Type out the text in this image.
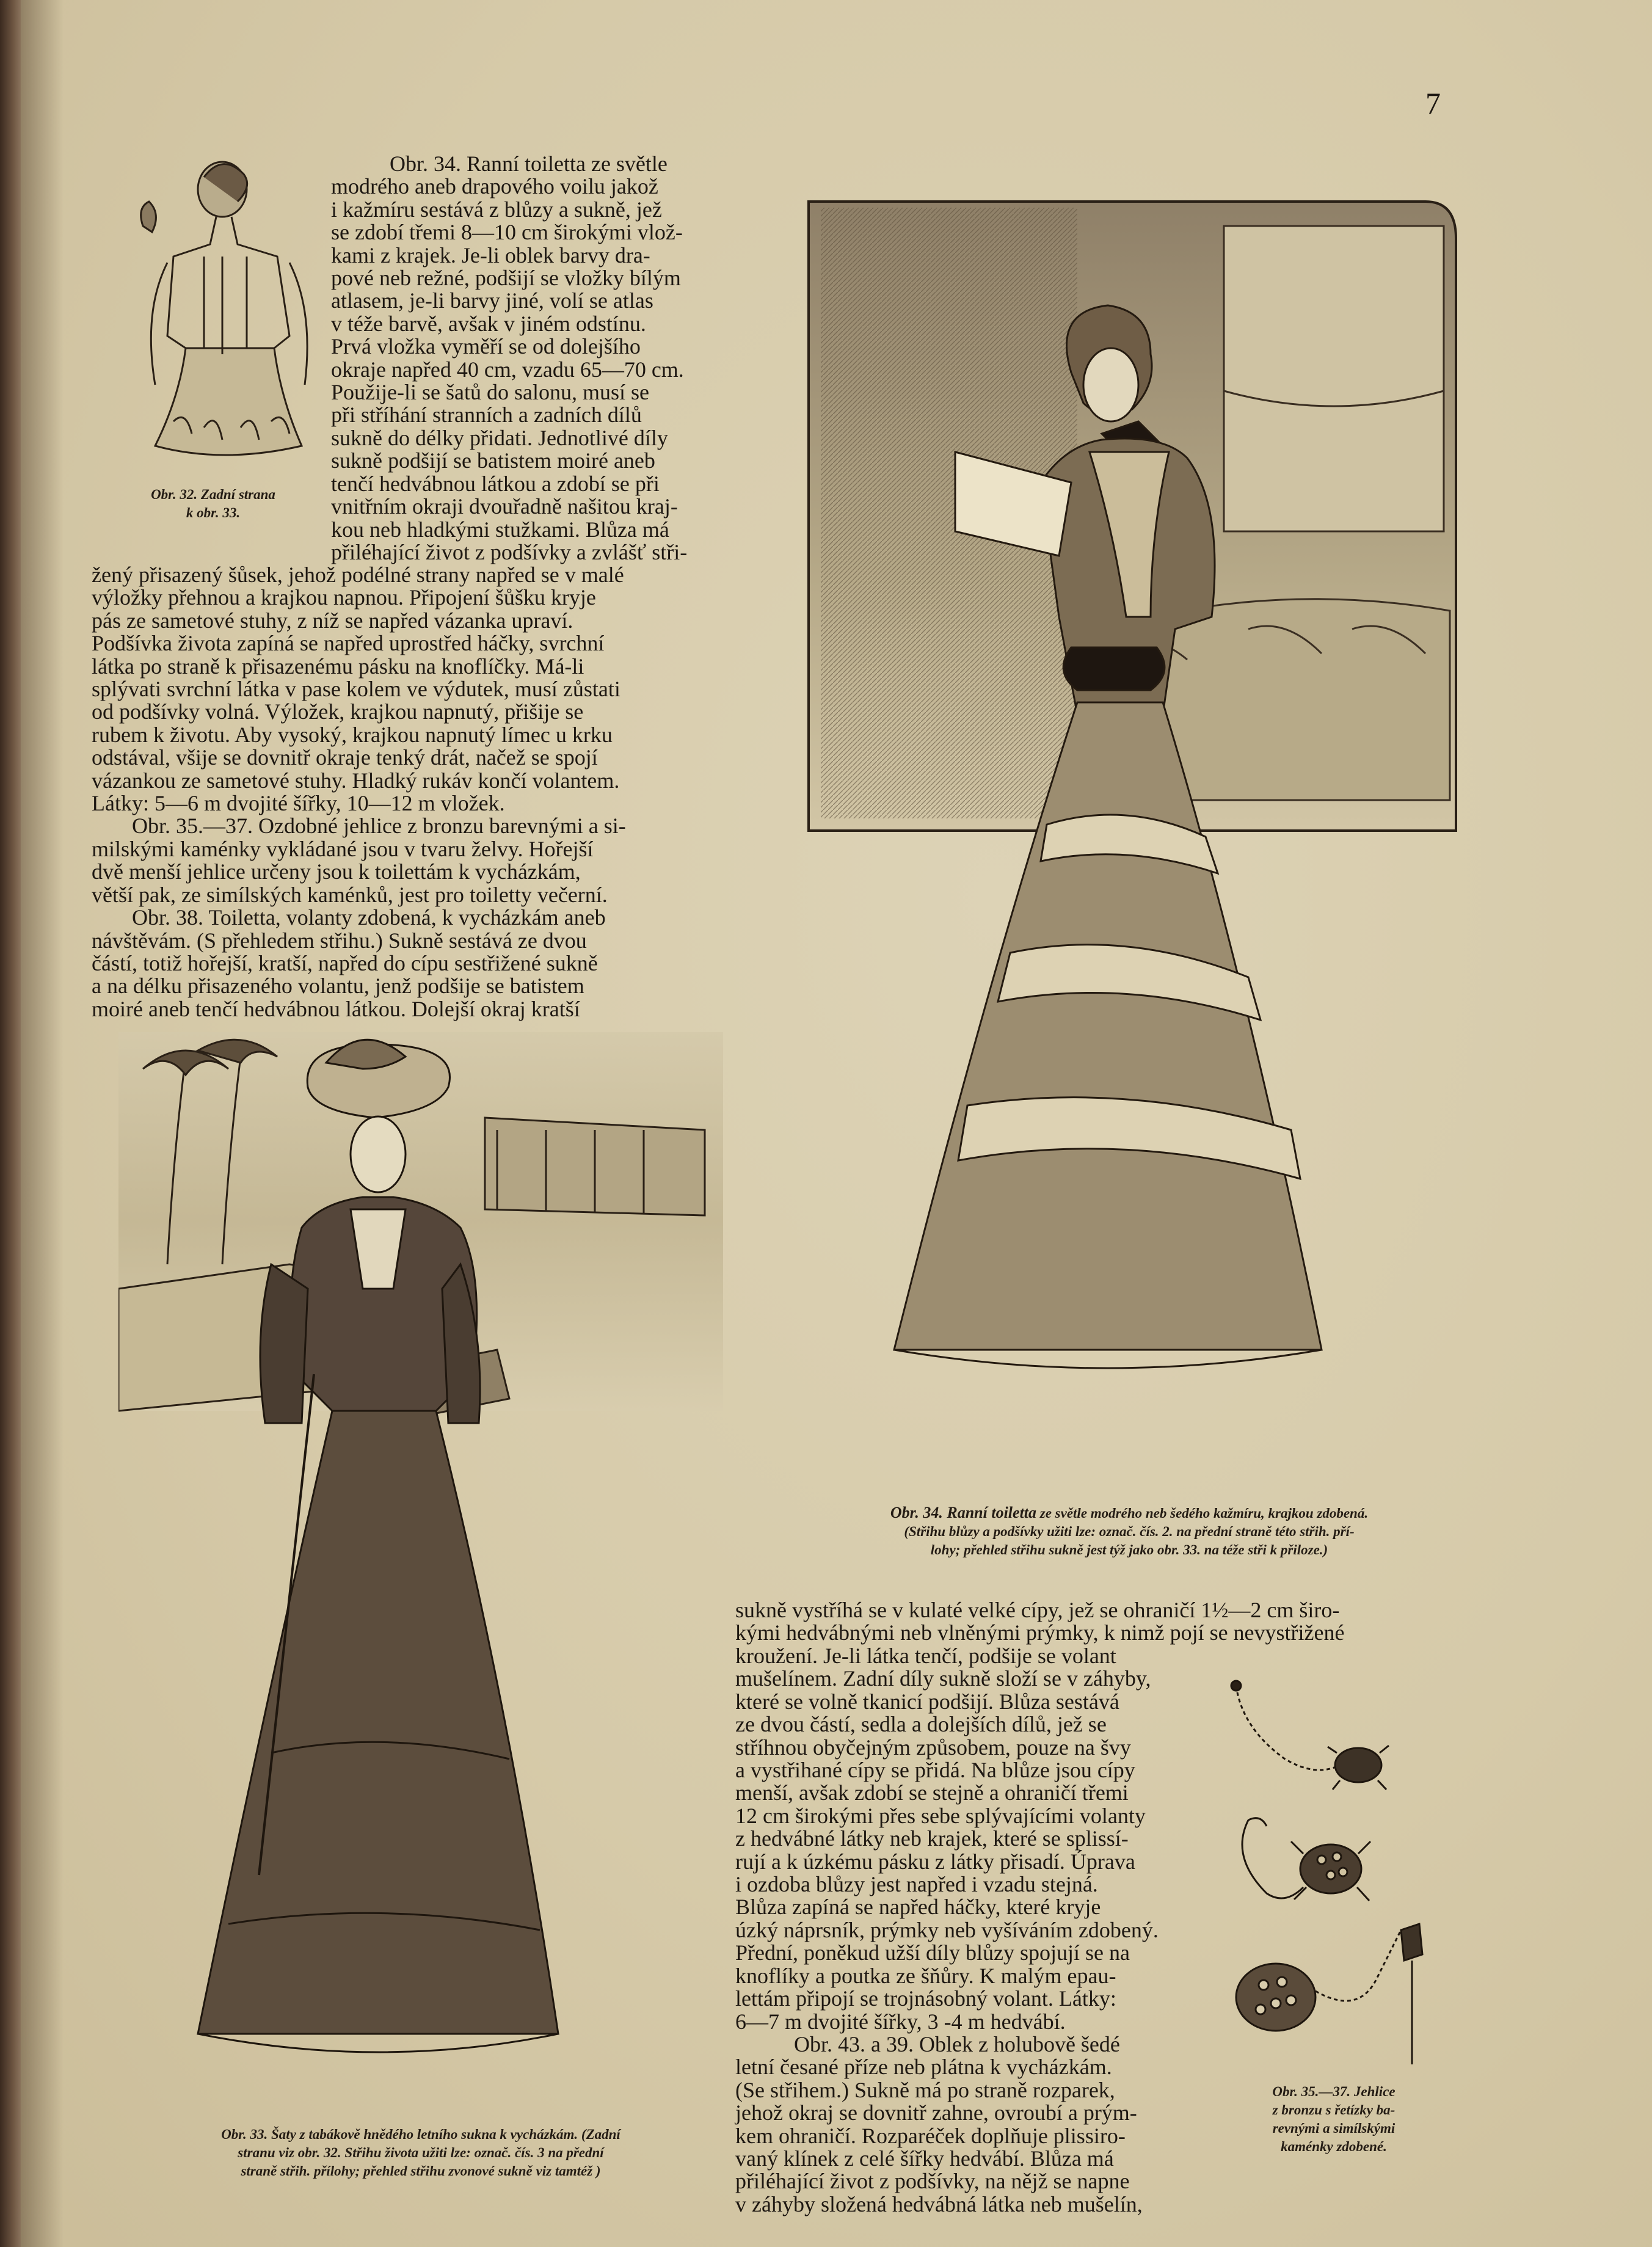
7
Obr. 32. Zadní strana
k obr. 33.

Obr. 34. Ranní toiletta ze světle

modrého aneb drapového voilu jakož

i kažmíru sestává z blůzy a sukně, jež

se zdobí třemi 8—10 cm širokými vlož-

kami z krajek. Je-li oblek barvy dra-

pové neb režné, podšijí se vložky bílým

atlasem, je-li barvy jiné, volí se atlas

v téže barvě, avšak v jiném odstínu.

Prvá vložka vyměří se od dolejšího

okraje napřed 40 cm, vzadu 65—70 cm.

Použije-li se šatů do salonu, musí se

při stříhání stranních a zadních dílů

sukně do délky přidati. Jednotlivé díly

sukně podšijí se batistem moiré aneb

tenčí hedvábnou látkou a zdobí se při

vnitřním okraji dvouřadně našitou kraj-

kou neb hladkými stužkami. Blůza má

přiléhající život z podšívky a zvlášť stři-

žený přisazený šůsek, jehož podélné strany napřed se v malé

výložky přehnou a krajkou napnou. Připojení šůšku kryje

pás ze sametové stuhy, z níž se napřed vázanka upraví.

Podšívka života zapíná se napřed uprostřed háčky, svrchní

látka po straně k přisazenému pásku na knoflíčky. Má-li

splývati svrchní látka v pase kolem ve výdutek, musí zůstati

od podšívky volná. Výložek, krajkou napnutý, přišije se

rubem k životu. Aby vysoký, krajkou napnutý límec u krku

odstával, všije se dovnitř okraje tenký drát, načež se spojí

vázankou ze sametové stuhy. Hladký rukáv končí volantem.

Látky: 5—6 m dvojité šířky, 10—12 m vložek.

Obr. 35.—37. Ozdobné jehlice z bronzu barevnými a si-

milskými kaménky vykládané jsou v tvaru želvy. Hořejší

dvě menší jehlice určeny jsou k toilettám k vycházkám,

větší pak, ze simílských kaménků, jest pro toiletty večerní.

Obr. 38. Toiletta, volanty zdobená, k vycházkám aneb

návštěvám. (S přehledem střihu.) Sukně sestává ze dvou

částí, totiž hořejší, kratší, napřed do cípu sestřižené sukně

a na délku přisazeného volantu, jenž podšije se batistem

moiré aneb tenčí hedvábnou látkou. Dolejší okraj kratší

Obr. 34. Ranní toiletta ze světle modrého neb šedého kažmíru, krajkou zdobená.
(Střihu blůzy a podšívky užiti lze: označ. čís. 2. na přední straně této střih. pří-
lohy; přehled střihu sukně jest týž jako obr. 33. na téže stři k přiloze.)
Obr. 33. Šaty z tabákově hnědého letního sukna k vycházkám. (Zadní
stranu viz obr. 32. Střihu života užiti lze: označ. čís. 3 na přední
straně střih. přílohy; přehled střihu zvonové sukně viz tamtéž )

sukně vystříhá se v kulaté velké cípy, jež se ohraničí 1½—2 cm širo-

kými hedvábnými neb vlněnými prýmky, k nimž pojí se nevystřižené

kroužení. Je-li látka tenčí, podšije se volant

mušelínem. Zadní díly sukně složí se v záhyby,

které se volně tkanicí podšijí. Blůza sestává

ze dvou částí, sedla a dolejších dílů, jež se

stříhnou obyčejným způsobem, pouze na švy

a vystřihané cípy se přidá. Na blůze jsou cípy

menší, avšak zdobí se stejně a ohraničí třemi

12 cm širokými přes sebe splývajícími volanty

z hedvábné látky neb krajek, které se splissí-

rují a k úzkému pásku z látky přisadí. Úprava

i ozdoba blůzy jest napřed i vzadu stejná.

Blůza zapíná se napřed háčky, které kryje

úzký náprsník, prýmky neb vyšíváním zdobený.

Přední, poněkud užší díly blůzy spojují se na

knoflíky a poutka ze šňůry. K malým epau-

lettám připojí se trojnásobný volant. Látky:

6—7 m dvojité šířky, 3 -4 m hedvábí.

Obr. 43. a 39. Oblek z holubově šedé

letní česané příze neb plátna k vycházkám.

(Se střihem.) Sukně má po straně rozparek,

jehož okraj se dovnitř zahne, ovroubí a prým-

kem ohraničí. Rozparéček doplňuje plissiro-

vaný klínek z celé šířky hedvábí. Blůza má

přiléhající život z podšívky, na nějž se napne

v záhyby složená hedvábná látka neb mušelín,

Obr. 35.—37. Jehlice
z bronzu s řetízky ba-
revnými a simílskými
kaménky zdobené.
